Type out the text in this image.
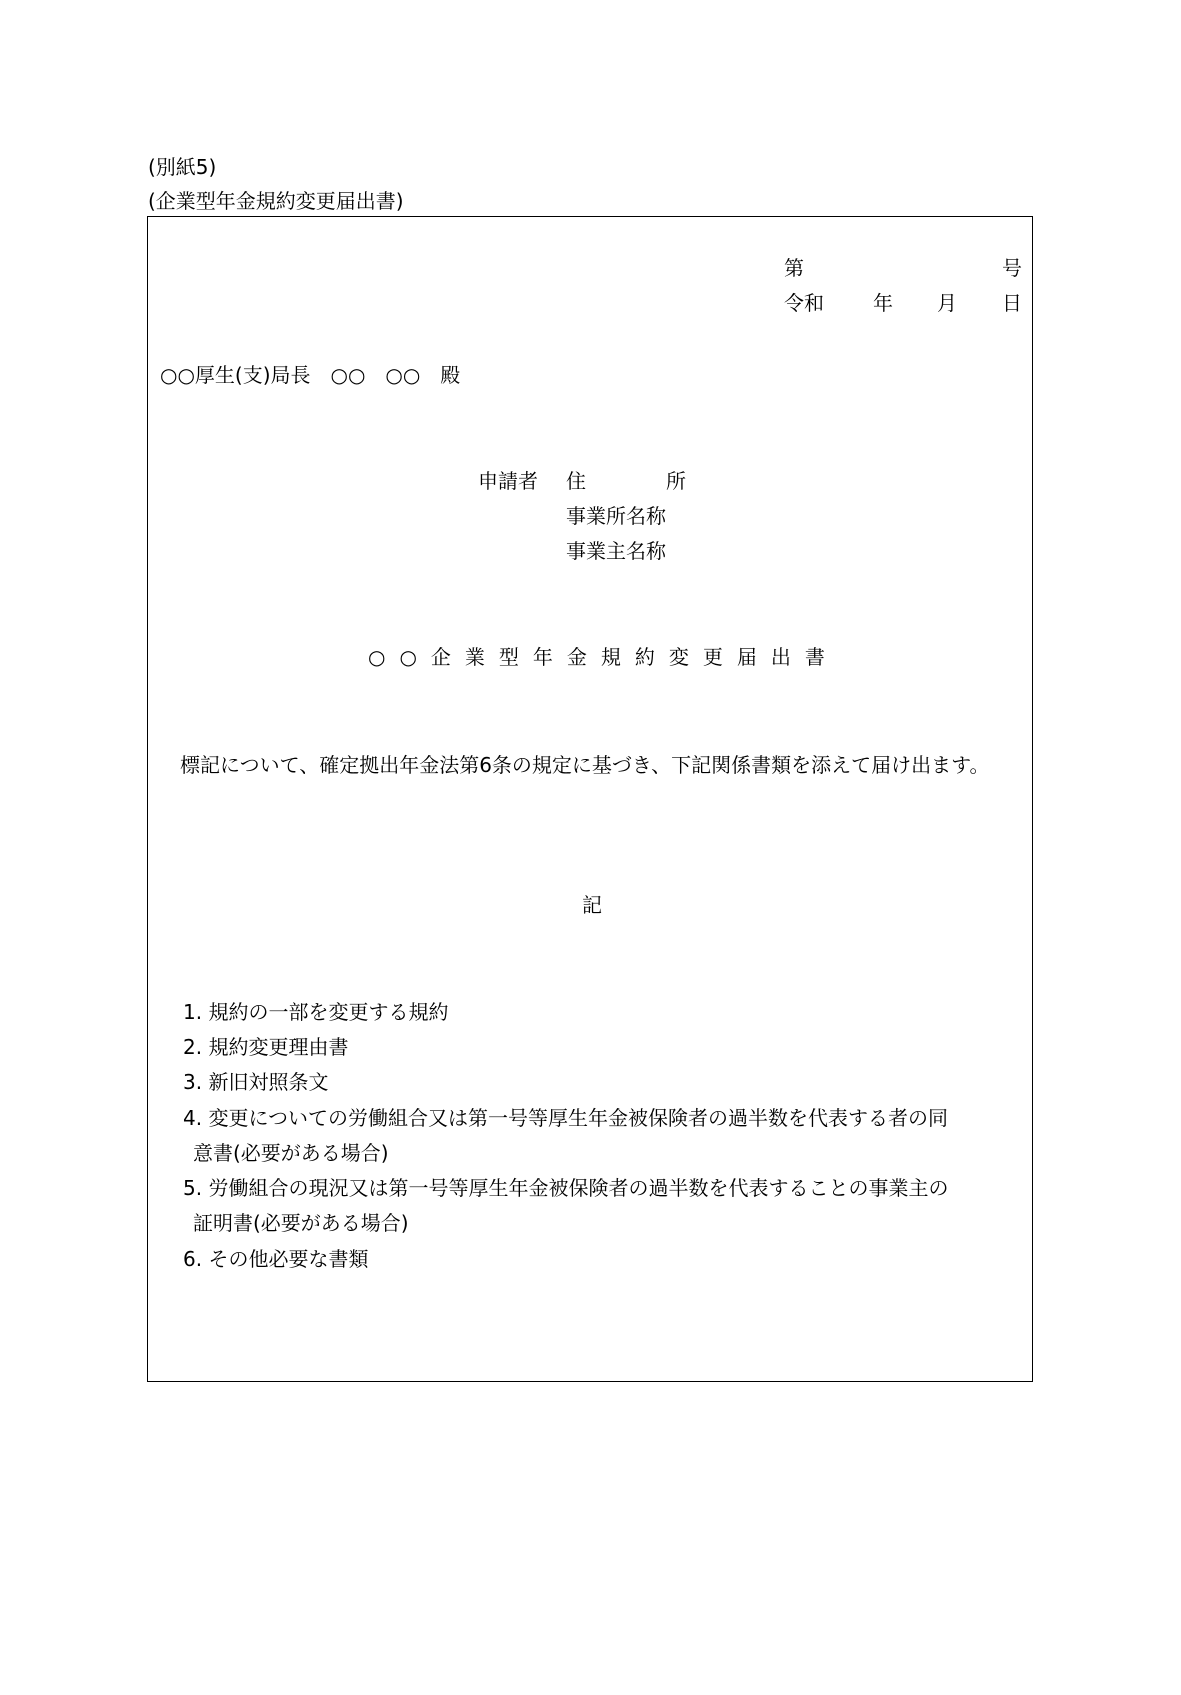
(別紙5)
(企業型年金規約変更届出書)
第	号
令和 年 月 日
○○厚生(支)局長　○○　○○　殿
申請者 住　　　　所
事業所名称
事業主名称
○○企業型年金規約変更届出書
標記について、確定拠出年金法第6条の規定に基づき、下記関係書類を添えて届け出ます。
記
1. 規約の一部を変更する規約
2. 規約変更理由書
3. 新旧対照条文
4. 変更についての労働組合又は第一号等厚生年金被保険者の過半数を代表する者の同
意書(必要がある場合)
5. 労働組合の現況又は第一号等厚生年金被保険者の過半数を代表することの事業主の
証明書(必要がある場合)
6. その他必要な書類
